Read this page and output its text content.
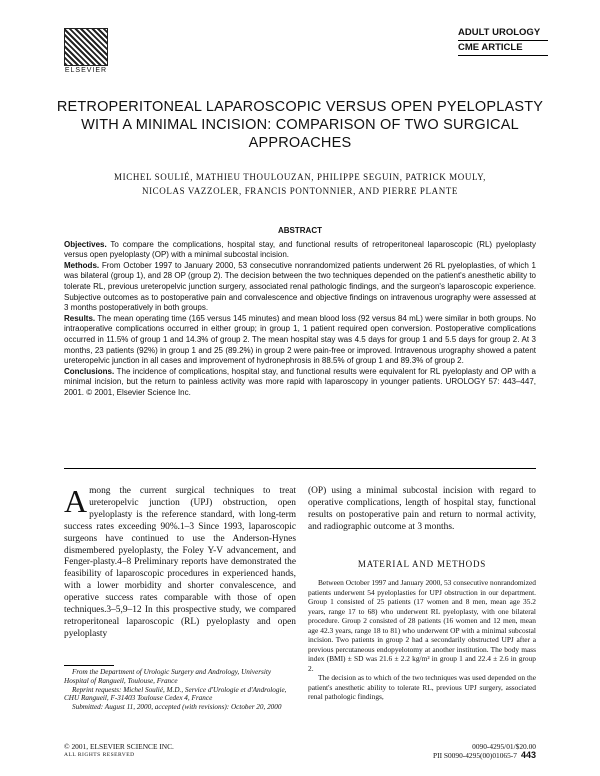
ELSEVIER
ADULT UROLOGY
CME ARTICLE
RETROPERITONEAL LAPAROSCOPIC VERSUS OPEN PYELOPLASTY WITH A MINIMAL INCISION: COMPARISON OF TWO SURGICAL APPROACHES
MICHEL SOULIÉ, MATHIEU THOULOUZAN, PHILIPPE SEGUIN, PATRICK MOULY,
NICOLAS VAZZOLER, FRANCIS PONTONNIER, AND PIERRE PLANTE
ABSTRACT

Objectives. To compare the complications, hospital stay, and functional results of retroperitoneal laparoscopic (RL) pyeloplasty versus open pyeloplasty (OP) with a minimal subcostal incision.

Methods. From October 1997 to January 2000, 53 consecutive nonrandomized patients underwent 26 RL pyeloplasties, of which 1 was bilateral (group 1), and 28 OP (group 2). The decision between the two techniques depended on the patient's anesthetic ability to tolerate RL, previous ureteropelvic junction surgery, associated renal pathologic findings, and the surgeon's laparoscopic experience. Subjective outcomes as to postoperative pain and convalescence and objective findings on intravenous urography were assessed at 3 months postoperatively in both groups.

Results. The mean operating time (165 versus 145 minutes) and mean blood loss (92 versus 84 mL) were similar in both groups. No intraoperative complications occurred in either group; in group 1, 1 patient required open conversion. Postoperative complications occurred in 11.5% of group 1 and 14.3% of group 2. The mean hospital stay was 4.5 days for group 1 and 5.5 days for group 2. At 3 months, 23 patients (92%) in group 1 and 25 (89.2%) in group 2 were pain-free or improved. Intravenous urography showed a patent ureteropelvic junction in all cases and improvement of hydronephrosis in 88.5% of group 1 and 89.3% of group 2.

Conclusions. The incidence of complications, hospital stay, and functional results were equivalent for RL pyeloplasty and OP with a minimal incision, but the return to painless activity was more rapid with laparoscopy in younger patients. UROLOGY 57: 443–447, 2001. © 2001, Elsevier Science Inc.

Among the current surgical techniques to treat ureteropelvic junction (UPJ) obstruction, open pyeloplasty is the reference standard, with long-term success rates exceeding 90%.1–3 Since 1993, laparoscopic surgeons have continued to use the Anderson-Hynes dismembered pyeloplasty, the Foley Y-V advancement, and Fenger-plasty.4–8 Preliminary reports have demonstrated the feasibility of laparoscopic procedures in experienced hands, with a lower morbidity and shorter convalescence, and operative success rates comparable with those of open techniques.3–5,9–12 In this prospective study, we compared retroperitoneal laparoscopic (RL) pyeloplasty and open pyeloplasty
(OP) using a minimal subcostal incision with regard to operative complications, length of hospital stay, functional results on postoperative pain and return to normal activity, and radiographic outcome at 3 months.
MATERIAL AND METHODS

Between October 1997 and January 2000, 53 consecutive nonrandomized patients underwent 54 pyeloplasties for UPJ obstruction in our department. Group 1 consisted of 25 patients (17 women and 8 men, mean age 35.2 years, range 17 to 68) who underwent RL pyeloplasty, with one bilateral procedure. Group 2 consisted of 28 patients (16 women and 12 men, mean age 42.3 years, range 18 to 81) who underwent OP with a minimal subcostal incision. Two patients in group 2 had a secondarily obstructed UPJ after a previous percutaneous endopyelotomy at another institution. The body mass index (BMI) ± SD was 21.6 ± 2.2 kg/m² in group 1 and 22.4 ± 2.6 in group 2.

The decision as to which of the two techniques was used depended on the patient's anesthetic ability to tolerate RL, previous UPJ surgery, associated renal pathologic findings,

From the Department of Urologic Surgery and Andrology, University Hospital of Rangueil, Toulouse, France

Reprint requests: Michel Soulié, M.D., Service d'Urologie et d'Andrologie, CHU Rangueil, F-31403 Toulouse Cedex 4, France

Submitted: August 11, 2000, accepted (with revisions): October 20, 2000

© 2001, ELSEVIER SCIENCE INC.
ALL RIGHTS RESERVED
0090-4295/01/$20.00
PII S0090-4295(00)01065-7 443
